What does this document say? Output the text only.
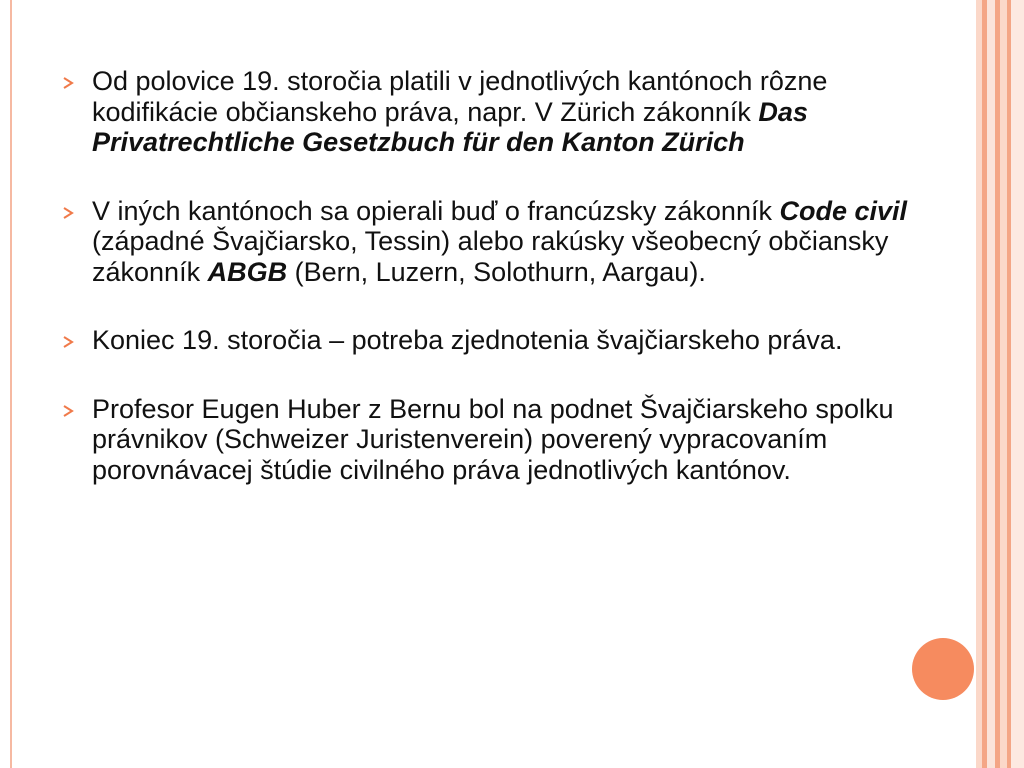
Od polovice 19. storočia platili v jednotlivých kantónoch rôzne kodifikácie občianskeho práva, napr. V Zürich zákonník Das Privatrechtliche Gesetzbuch für den Kanton Zürich
V iných kantónoch sa opierali buď o francúzsky zákonník Code civil (západné Švajčiarsko, Tessin) alebo rakúsky všeobecný občiansky zákonník ABGB (Bern, Luzern, Solothurn, Aargau).
Koniec 19. storočia – potreba zjednotenia švajčiarskeho práva.
Profesor Eugen Huber z Bernu bol na podnet Švajčiarskeho spolku právnikov (Schweizer Juristenverein) poverený vypracovaním porovnávacej štúdie civilného práva jednotlivých kantónov.
